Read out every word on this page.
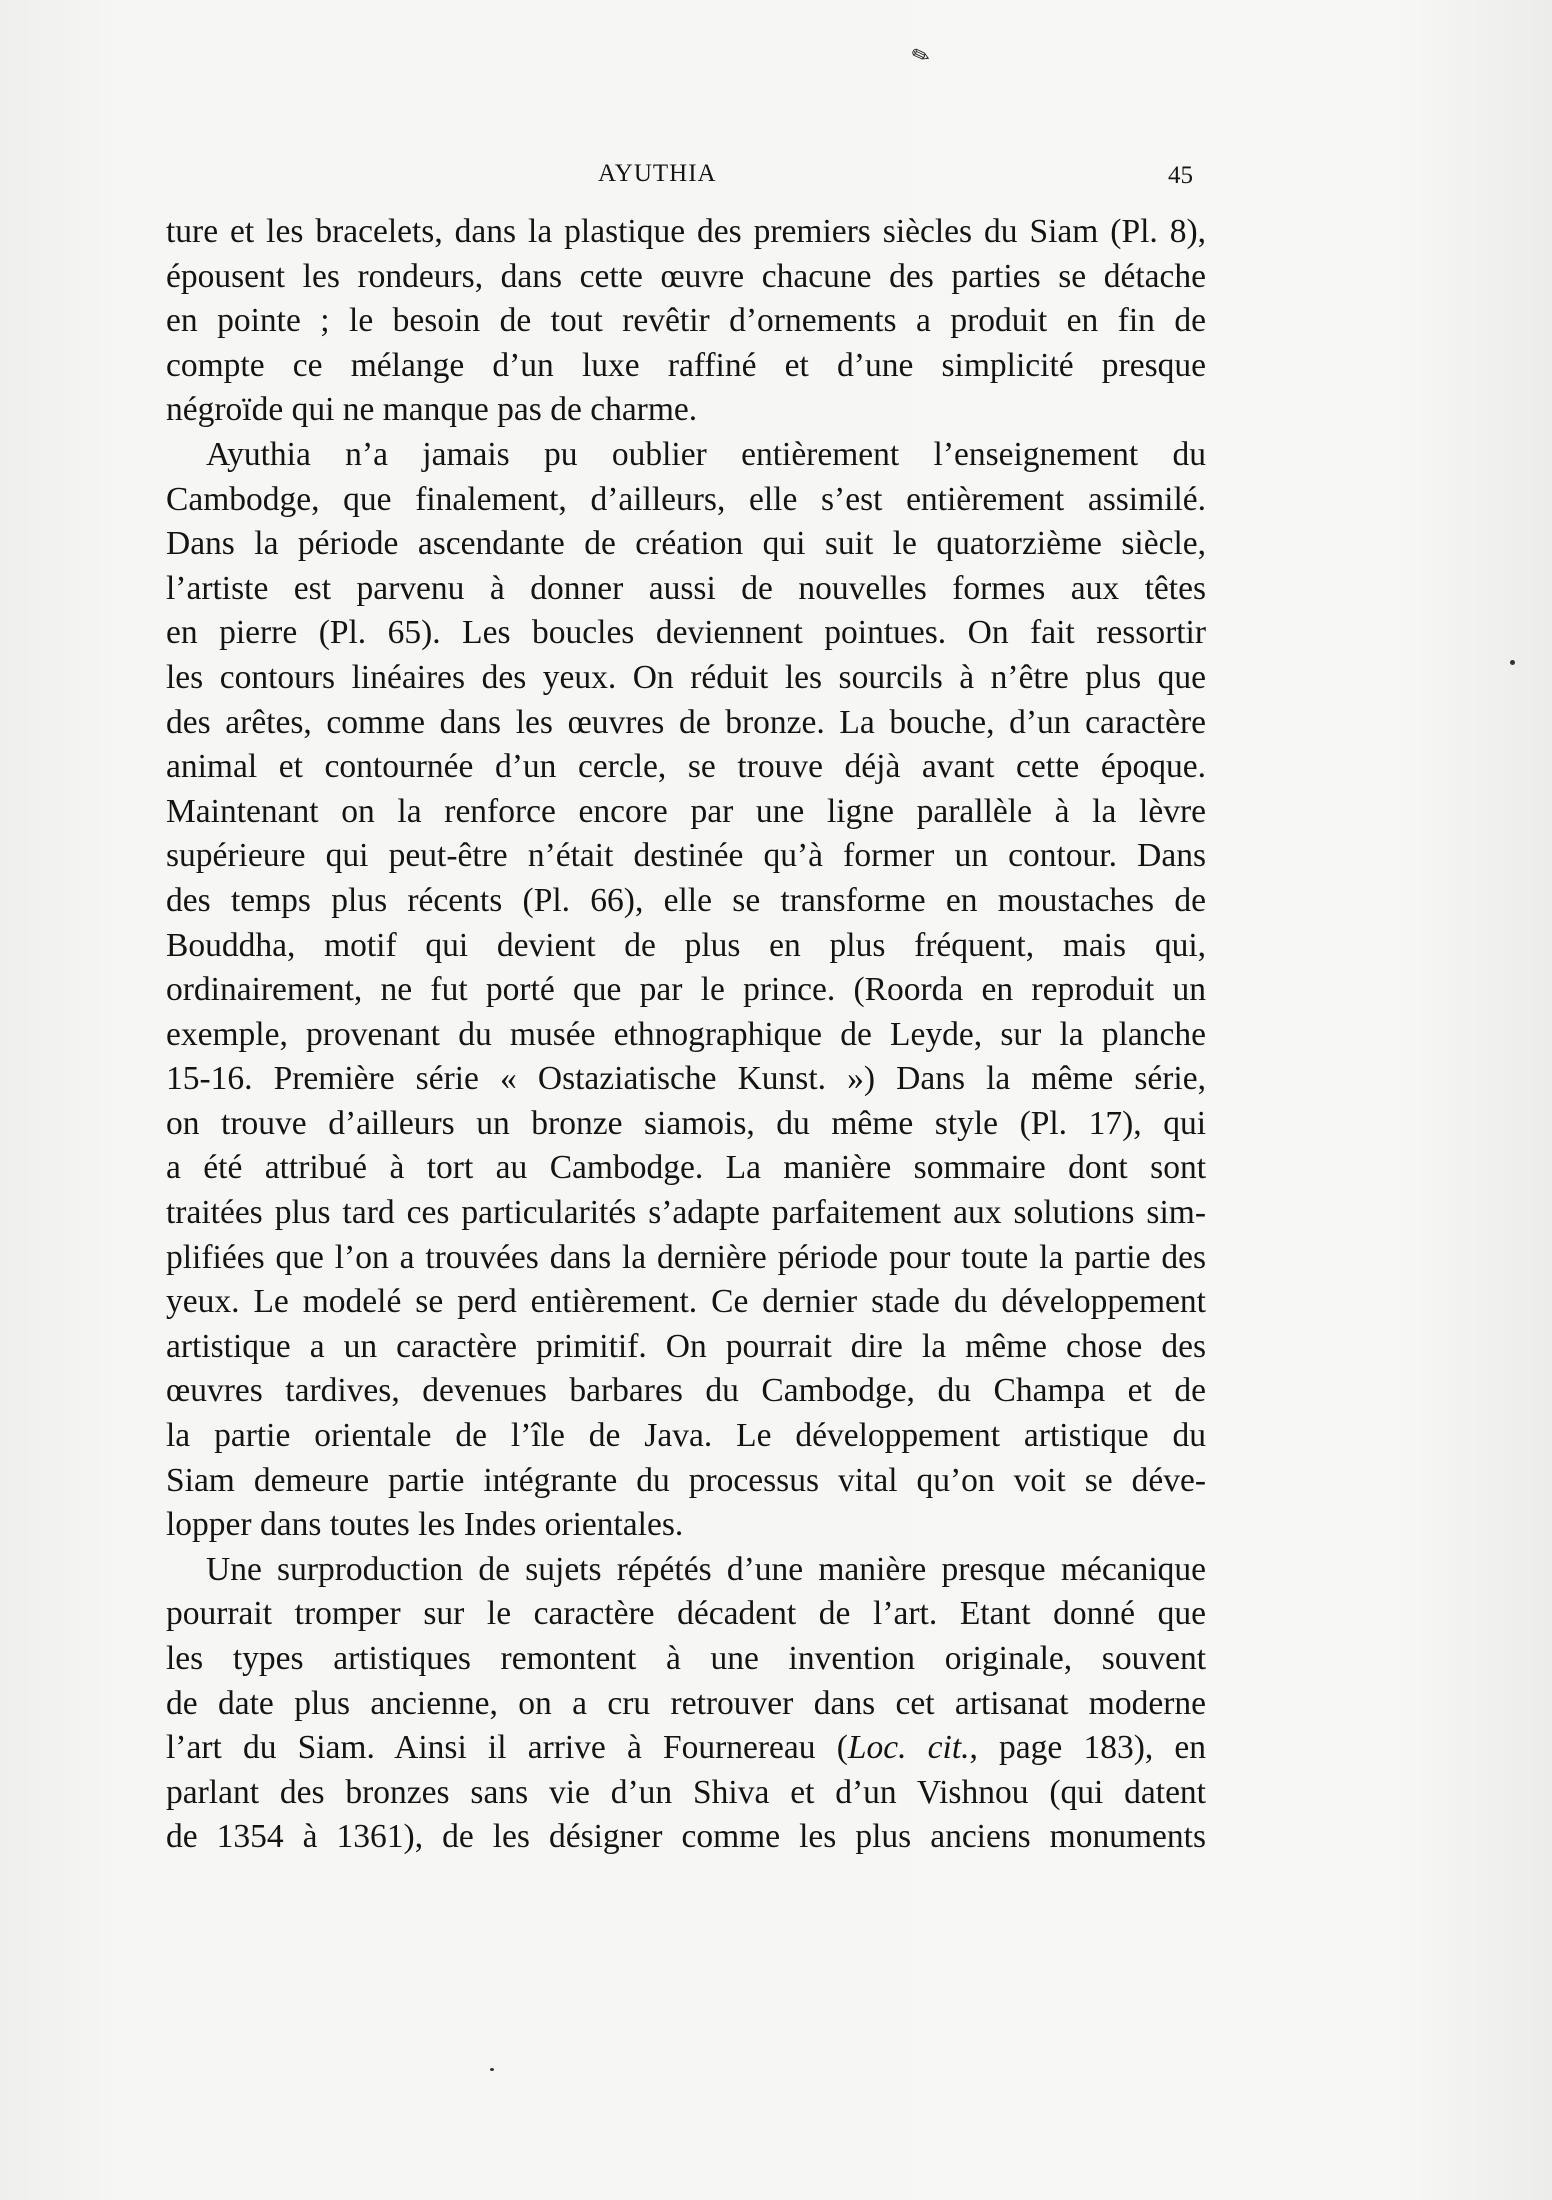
✎
AYUTHIA	45
ture et les bracelets, dans la plastique des premiers siècles du Siam (Pl. 8),
épousent les rondeurs, dans cette œuvre chacune des parties se détache
en pointe ; le besoin de tout revêtir d’ornements a produit en fin de
compte ce mélange d’un luxe raffiné et d’une simplicité presque
négroïde qui ne manque pas de charme.
Ayuthia n’a jamais pu oublier entièrement l’enseignement du
Cambodge, que finalement, d’ailleurs, elle s’est entièrement assimilé.
Dans la période ascendante de création qui suit le quatorzième siècle,
l’artiste est parvenu à donner aussi de nouvelles formes aux têtes
en pierre (Pl. 65). Les boucles deviennent pointues. On fait ressortir
les contours linéaires des yeux. On réduit les sourcils à n’être plus que
des arêtes, comme dans les œuvres de bronze. La bouche, d’un caractère
animal et contournée d’un cercle, se trouve déjà avant cette époque.
Maintenant on la renforce encore par une ligne parallèle à la lèvre
supérieure qui peut-être n’était destinée qu’à former un contour. Dans
des temps plus récents (Pl. 66), elle se transforme en moustaches de
Bouddha, motif qui devient de plus en plus fréquent, mais qui,
ordinairement, ne fut porté que par le prince. (Roorda en reproduit un
exemple, provenant du musée ethnographique de Leyde, sur la planche
15-16. Première série « Ostaziatische Kunst. ») Dans la même série,
on trouve d’ailleurs un bronze siamois, du même style (Pl. 17), qui
a été attribué à tort au Cambodge. La manière sommaire dont sont
traitées plus tard ces particularités s’adapte parfaitement aux solutions sim-
plifiées que l’on a trouvées dans la dernière période pour toute la partie des
yeux. Le modelé se perd entièrement. Ce dernier stade du développement
artistique a un caractère primitif. On pourrait dire la même chose des
œuvres tardives, devenues barbares du Cambodge, du Champa et de
la partie orientale de l’île de Java. Le développement artistique du
Siam demeure partie intégrante du processus vital qu’on voit se déve-
lopper dans toutes les Indes orientales.
Une surproduction de sujets répétés d’une manière presque mécanique
pourrait tromper sur le caractère décadent de l’art. Etant donné que
les types artistiques remontent à une invention originale, souvent
de date plus ancienne, on a cru retrouver dans cet artisanat moderne
l’art du Siam. Ainsi il arrive à Fournereau (Loc. cit., page 183), en
parlant des bronzes sans vie d’un Shiva et d’un Vishnou (qui datent
de 1354 à 1361), de les désigner comme les plus anciens monuments
